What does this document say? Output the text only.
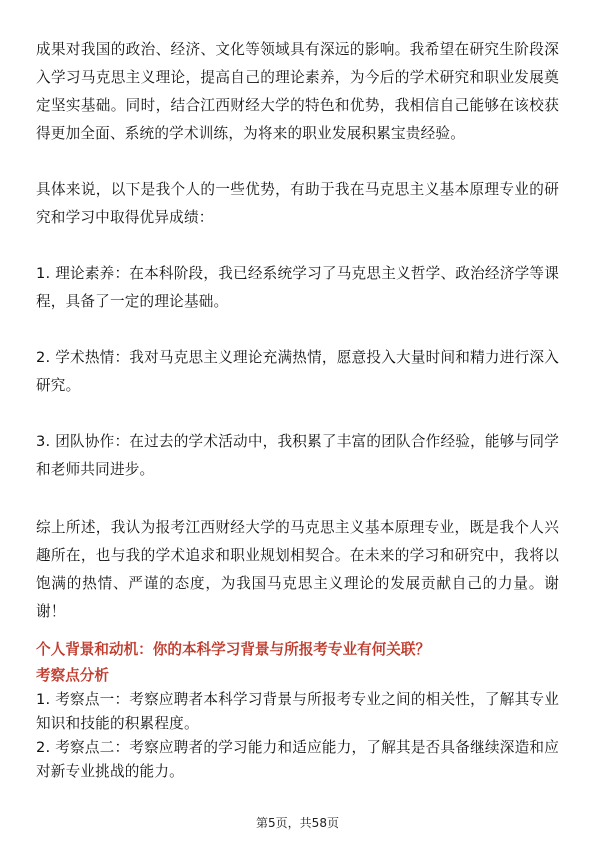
成果对我国的政治、经济、文化等领域具有深远的影响。我希望在研究生阶段深入学习马克思主义理论，提高自己的理论素养，为今后的学术研究和职业发展奠定坚实基础。同时，结合江西财经大学的特色和优势，我相信自己能够在该校获得更加全面、系统的学术训练，为将来的职业发展积累宝贵经验。

具体来说，以下是我个人的一些优势，有助于我在马克思主义基本原理专业的研究和学习中取得优异成绩：

1. 理论素养：在本科阶段，我已经系统学习了马克思主义哲学、政治经济学等课程，具备了一定的理论基础。

2. 学术热情：我对马克思主义理论充满热情，愿意投入大量时间和精力进行深入研究。

3. 团队协作：在过去的学术活动中，我积累了丰富的团队合作经验，能够与同学和老师共同进步。

综上所述，我认为报考江西财经大学的马克思主义基本原理专业，既是我个人兴趣所在，也与我的学术追求和职业规划相契合。在未来的学习和研究中，我将以饱满的热情、严谨的态度，为我国马克思主义理论的发展贡献自己的力量。谢谢！

个人背景和动机：你的本科学习背景与所报考专业有何关联？
考察点分析

1. 考察点一：考察应聘者本科学习背景与所报考专业之间的相关性，了解其专业知识和技能的积累程度。

2. 考察点二：考察应聘者的学习能力和适应能力，了解其是否具备继续深造和应对新专业挑战的能力。

第5页，共58页
